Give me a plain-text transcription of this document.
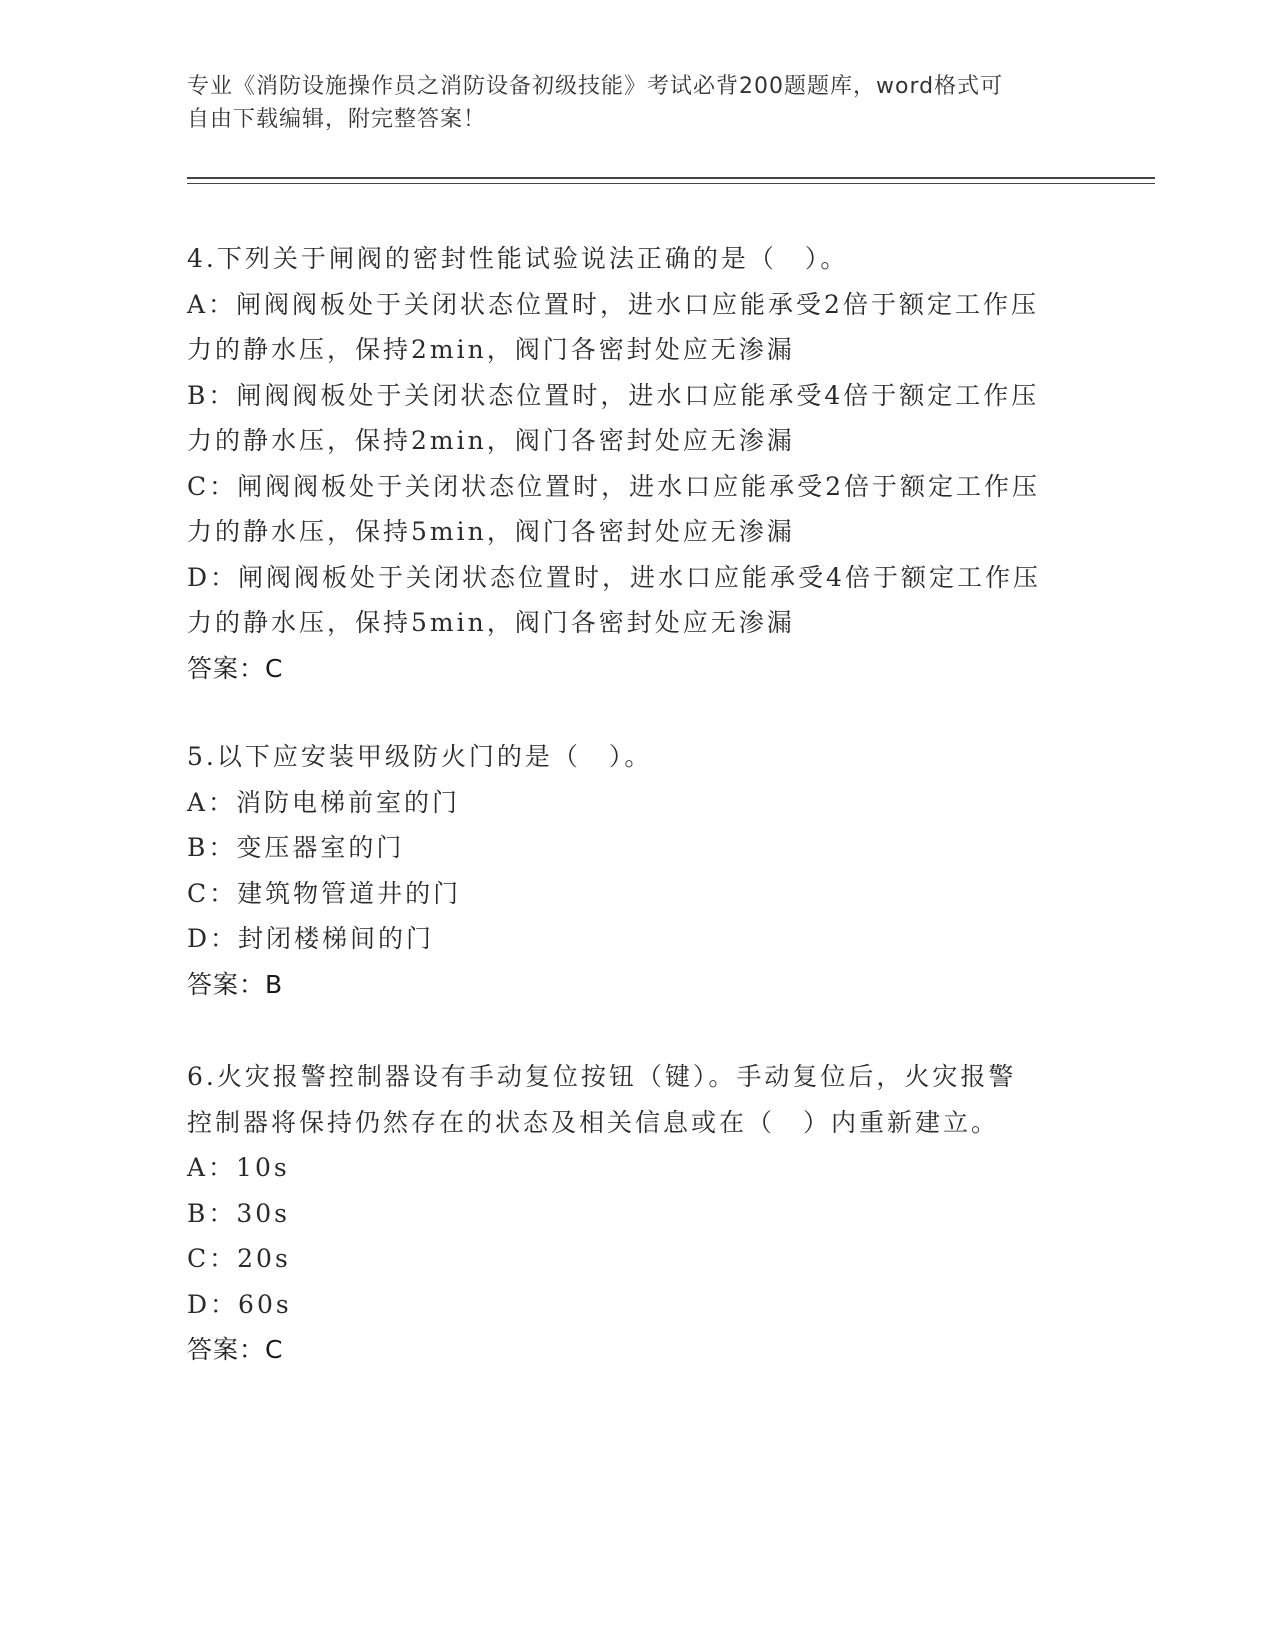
专业《消防设施操作员之消防设备初级技能》考试必背200题题库，word格式可
自由下载编辑，附完整答案！
4.下列关于闸阀的密封性能试验说法正确的是（　）。
A：闸阀阀板处于关闭状态位置时，进水口应能承受2倍于额定工作压
力的静水压，保持2min，阀门各密封处应无渗漏
B：闸阀阀板处于关闭状态位置时，进水口应能承受4倍于额定工作压
力的静水压，保持2min，阀门各密封处应无渗漏
C：闸阀阀板处于关闭状态位置时，进水口应能承受2倍于额定工作压
力的静水压，保持5min，阀门各密封处应无渗漏
D：闸阀阀板处于关闭状态位置时，进水口应能承受4倍于额定工作压
力的静水压，保持5min，阀门各密封处应无渗漏
答案：C
5.以下应安装甲级防火门的是（　）。
A：消防电梯前室的门
B：变压器室的门
C：建筑物管道井的门
D：封闭楼梯间的门
答案：B
6.火灾报警控制器设有手动复位按钮（键）。手动复位后，火灾报警
控制器将保持仍然存在的状态及相关信息或在（　）内重新建立。
A：10s
B：30s
C：20s
D：60s
答案：C
